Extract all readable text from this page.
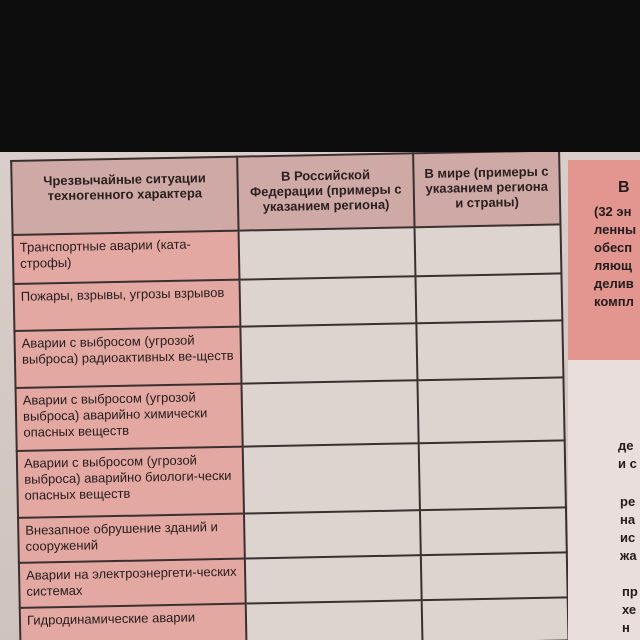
Чрезвычайные ситуации техногенного характера	В Российской Федерации (примеры с указанием региона)	В мире (примеры с указанием региона и страны)
Транспортные аварии (ката-строфы)		
Пожары, взрывы, угрозы взрывов		
Аварии с выбросом (угрозой выброса) радиоактивных ве-ществ		
Аварии с выбросом (угрозой выброса) аварийно химически опасных веществ		
Аварии с выбросом (угрозой выброса) аварийно биологи-чески опасных веществ		
Внезапное обрушение зданий и сооружений		
Аварии на электроэнергети-ческих системах		
Гидродинамические аварии		
В
(32 эн
ленны
обесп
ляющ
делив
компл
де
и с
ре
на
ис
жа
пр
хе
н
